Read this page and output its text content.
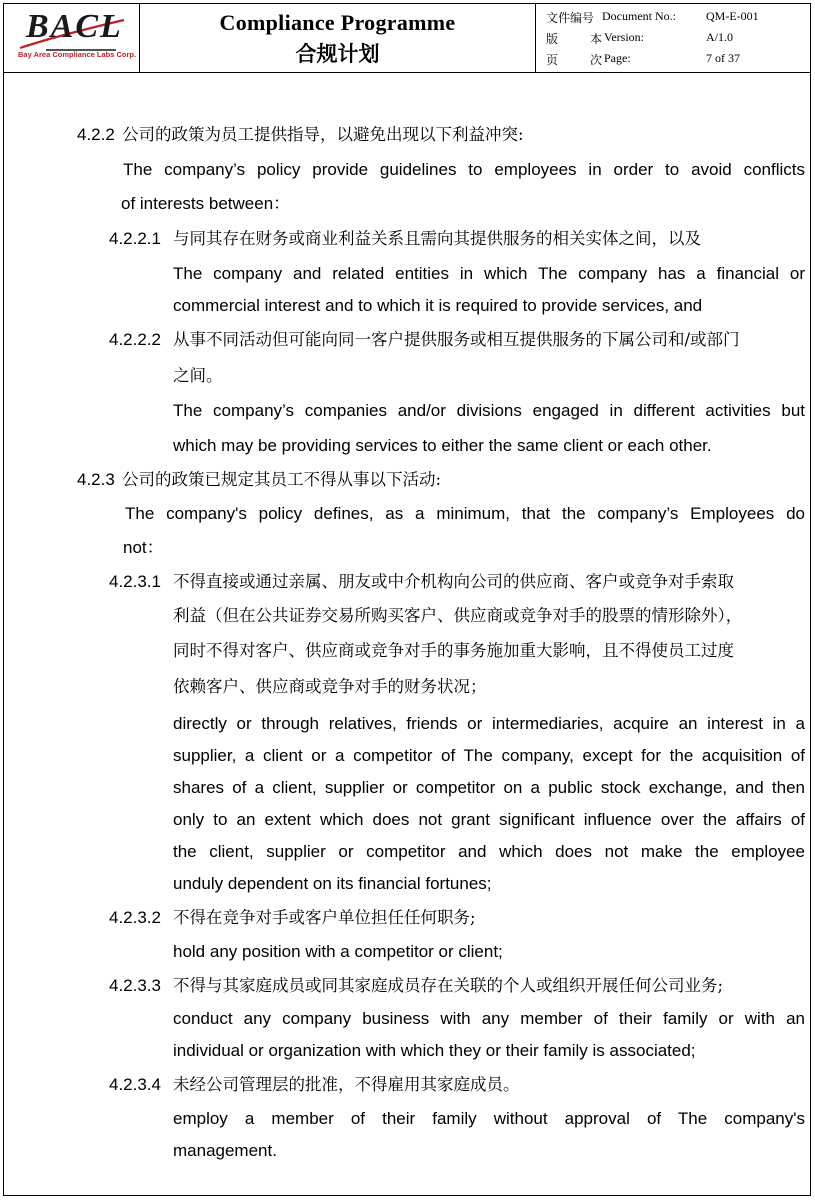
BACL
Bay Area Compliance Labs Corp.
Compliance Programme
合规计划
文件编号 Document No.:	QM-E-001
版	本 Version:	A/1.0
页	次 Page:	7 of 37
4.2.2 公司的政策为员工提供指导，以避免出现以下利益冲突:
The company’s policy provide guidelines to employees in order to avoid conflicts
of interests between：
4.2.2.1 与同其存在财务或商业利益关系且需向其提供服务的相关实体之间，以及
The company and related entities in which The company has a financial or
commercial interest and to which it is required to provide services, and
4.2.2.2 从事不同活动但可能向同一客户提供服务或相互提供服务的下属公司和/或部门
之间。
The company’s companies and/or divisions engaged in different activities but
which may be providing services to either the same client or each other.
4.2.3 公司的政策已规定其员工不得从事以下活动:
The company's policy defines, as a minimum, that the company’s Employees do
not：
4.2.3.1 不得直接或通过亲属、朋友或中介机构向公司的供应商、客户或竞争对手索取
利益（但在公共证券交易所购买客户、供应商或竞争对手的股票的情形除外），
同时不得对客户、供应商或竞争对手的事务施加重大影响，且不得使员工过度
依赖客户、供应商或竞争对手的财务状况；
directly or through relatives, friends or intermediaries, acquire an interest in a
supplier, a client or a competitor of The company, except for the acquisition of
shares of a client, supplier or competitor on a public stock exchange, and then
only to an extent which does not grant significant influence over the affairs of
the client, supplier or competitor and which does not make the employee
unduly dependent on its financial fortunes;
4.2.3.2 不得在竞争对手或客户单位担任任何职务;
hold any position with a competitor or client;
4.2.3.3 不得与其家庭成员或同其家庭成员存在关联的个人或组织开展任何公司业务;
conduct any company business with any member of their family or with an
individual or organization with which they or their family is associated;
4.2.3.4 未经公司管理层的批准，不得雇用其家庭成员。
employ a member of their family without approval of The company's
management.
